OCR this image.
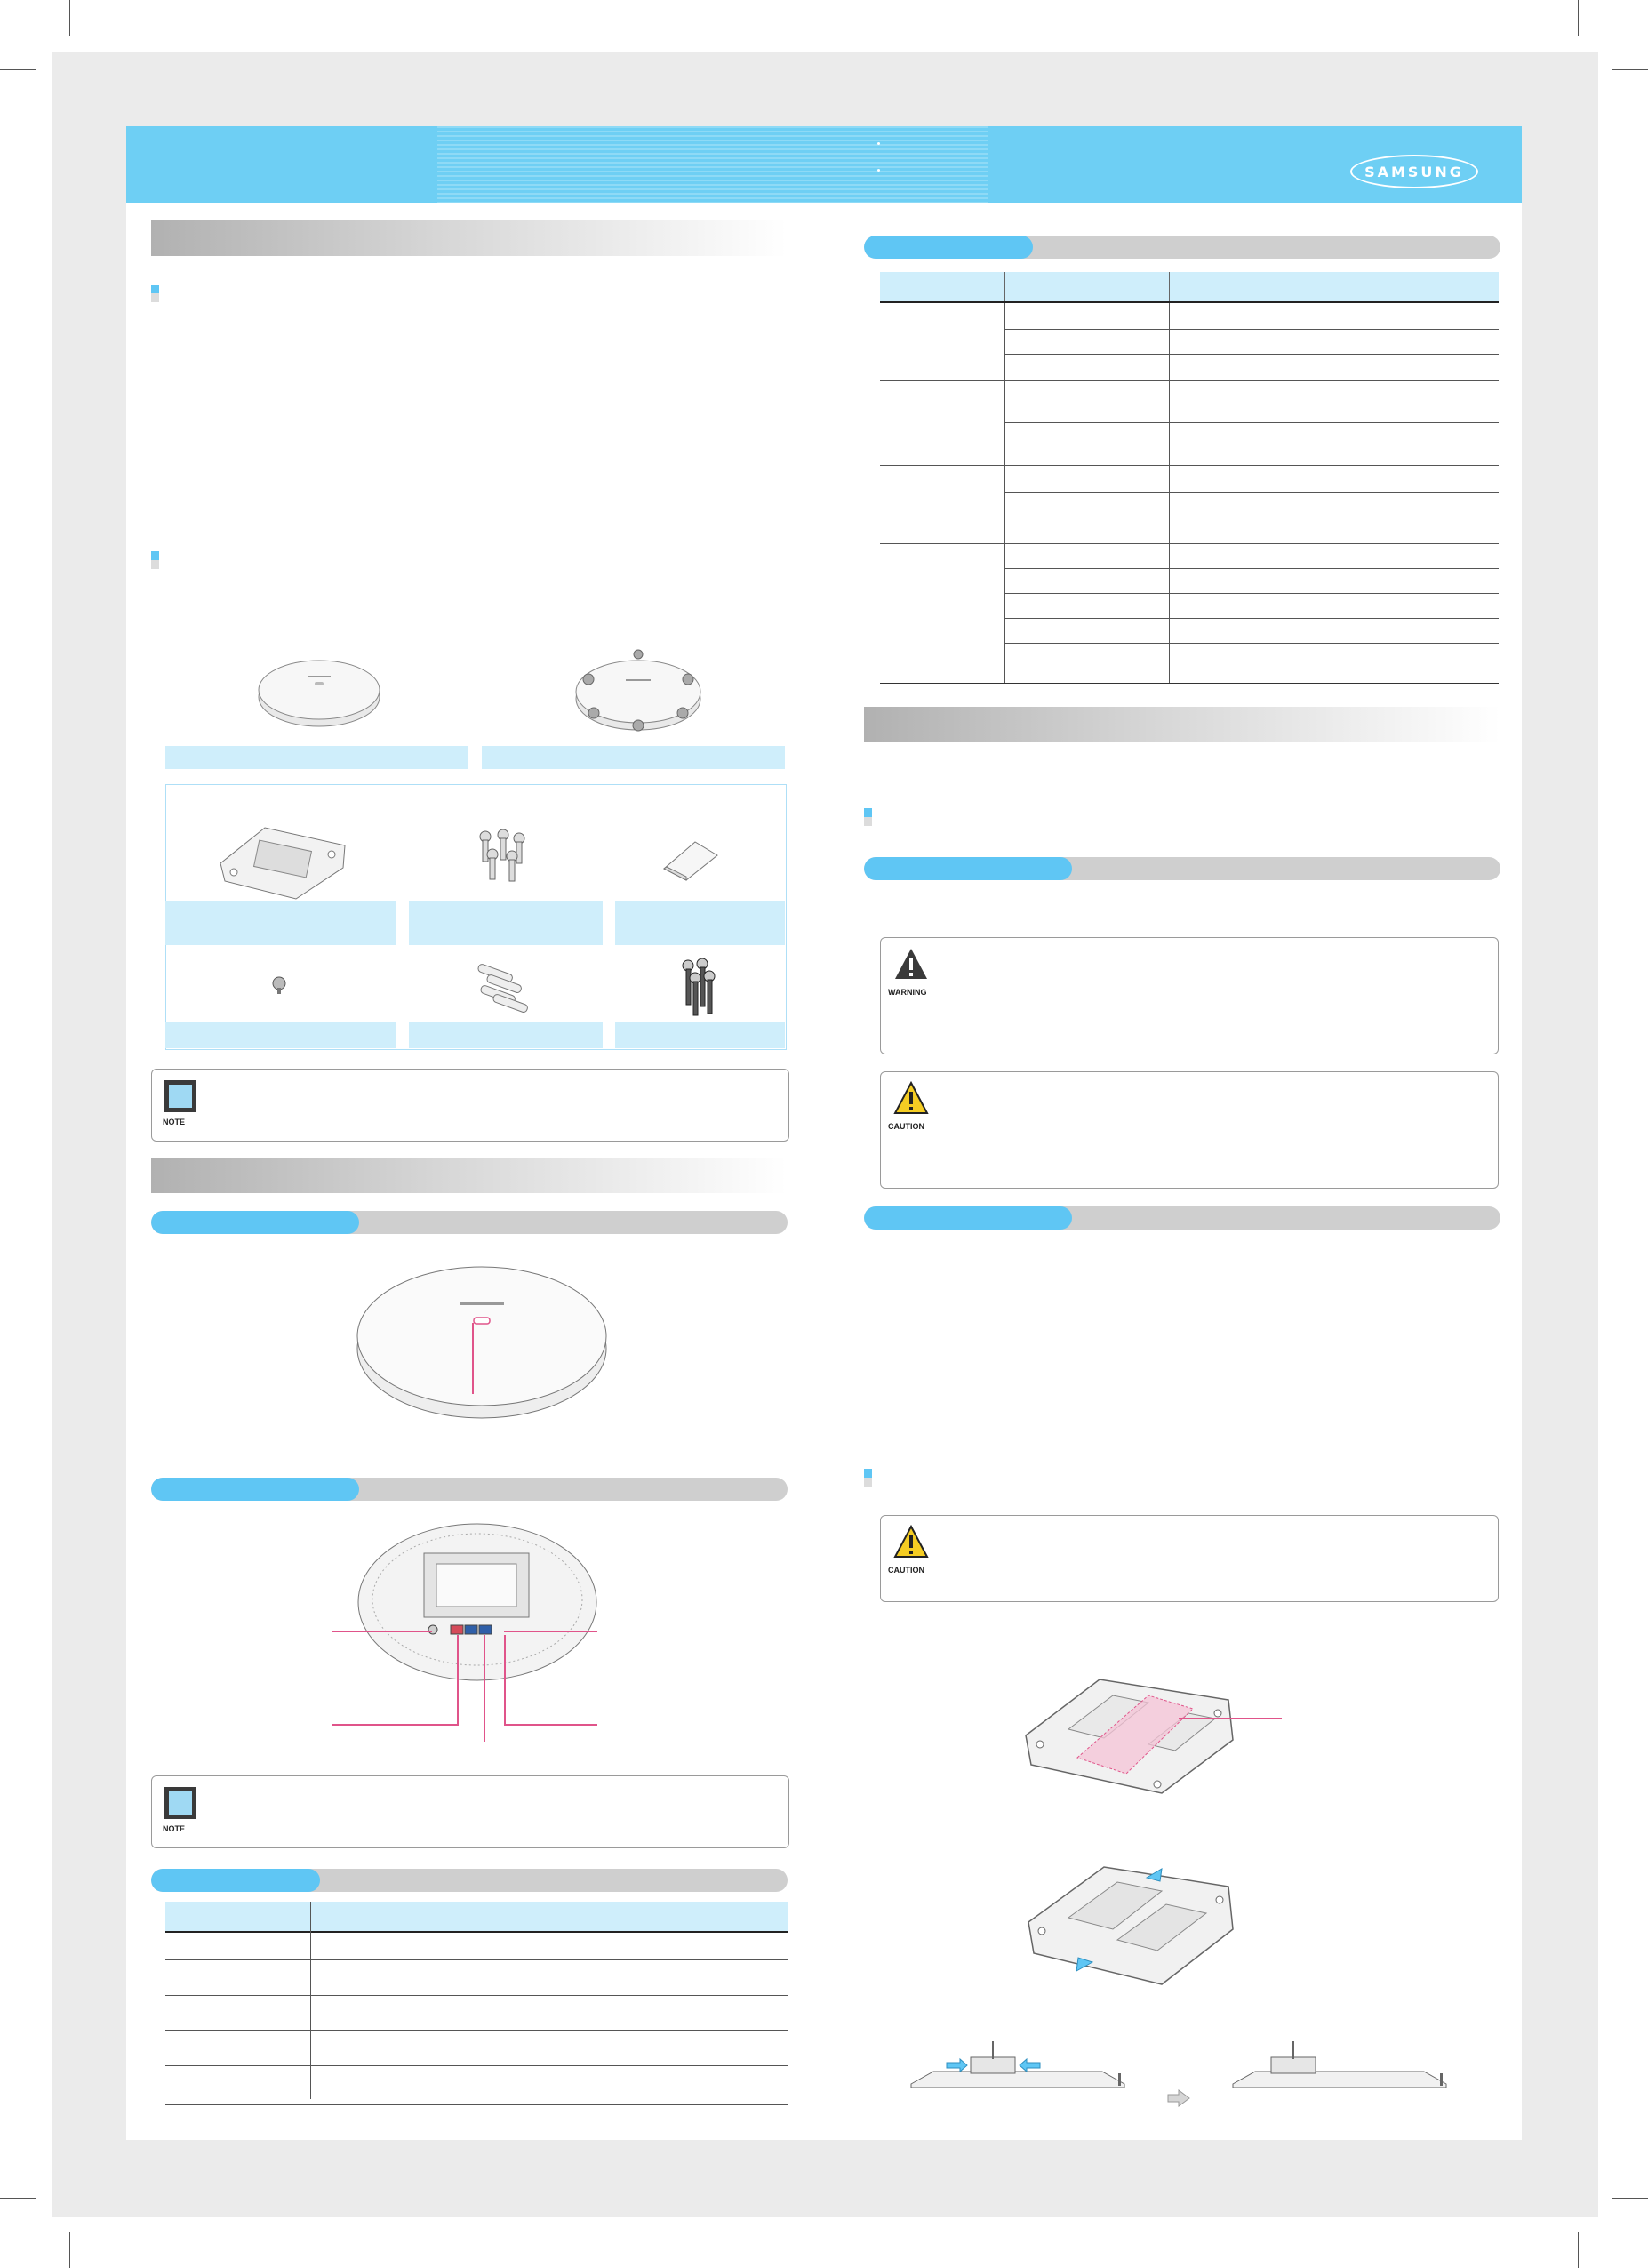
SAMSUNG
NOTE
NOTE

WARNING
CAUTION
CAUTION
